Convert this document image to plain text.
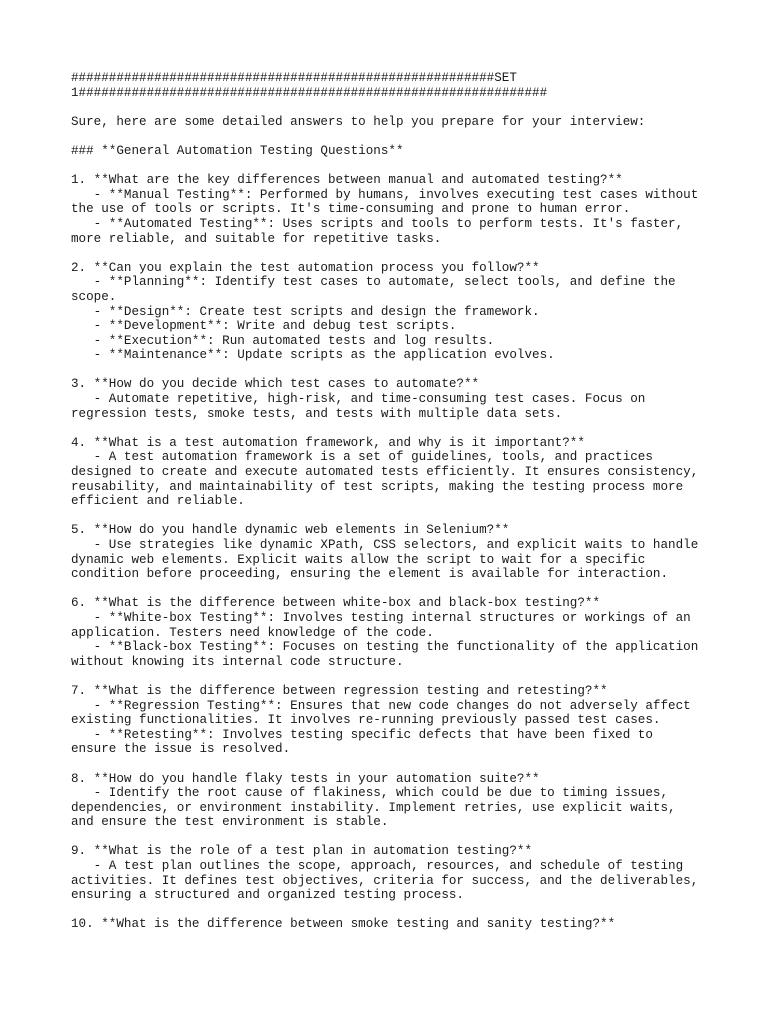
########################################################SET
1##############################################################
Sure, here are some detailed answers to help you prepare for your interview:
### **General Automation Testing Questions**
1. **What are the key differences between manual and automated testing?**
- **Manual Testing**: Performed by humans, involves executing test cases without
the use of tools or scripts. It's time-consuming and prone to human error.
- **Automated Testing**: Uses scripts and tools to perform tests. It's faster,
more reliable, and suitable for repetitive tasks.
2. **Can you explain the test automation process you follow?**
- **Planning**: Identify test cases to automate, select tools, and define the
scope.
- **Design**: Create test scripts and design the framework.
- **Development**: Write and debug test scripts.
- **Execution**: Run automated tests and log results.
- **Maintenance**: Update scripts as the application evolves.
3. **How do you decide which test cases to automate?**
- Automate repetitive, high-risk, and time-consuming test cases. Focus on
regression tests, smoke tests, and tests with multiple data sets.
4. **What is a test automation framework, and why is it important?**
- A test automation framework is a set of guidelines, tools, and practices
designed to create and execute automated tests efficiently. It ensures consistency,
reusability, and maintainability of test scripts, making the testing process more
efficient and reliable.
5. **How do you handle dynamic web elements in Selenium?**
- Use strategies like dynamic XPath, CSS selectors, and explicit waits to handle
dynamic web elements. Explicit waits allow the script to wait for a specific
condition before proceeding, ensuring the element is available for interaction.
6. **What is the difference between white-box and black-box testing?**
- **White-box Testing**: Involves testing internal structures or workings of an
application. Testers need knowledge of the code.
- **Black-box Testing**: Focuses on testing the functionality of the application
without knowing its internal code structure.
7. **What is the difference between regression testing and retesting?**
- **Regression Testing**: Ensures that new code changes do not adversely affect
existing functionalities. It involves re-running previously passed test cases.
- **Retesting**: Involves testing specific defects that have been fixed to
ensure the issue is resolved.
8. **How do you handle flaky tests in your automation suite?**
- Identify the root cause of flakiness, which could be due to timing issues,
dependencies, or environment instability. Implement retries, use explicit waits,
and ensure the test environment is stable.
9. **What is the role of a test plan in automation testing?**
- A test plan outlines the scope, approach, resources, and schedule of testing
activities. It defines test objectives, criteria for success, and the deliverables,
ensuring a structured and organized testing process.
10. **What is the difference between smoke testing and sanity testing?**
